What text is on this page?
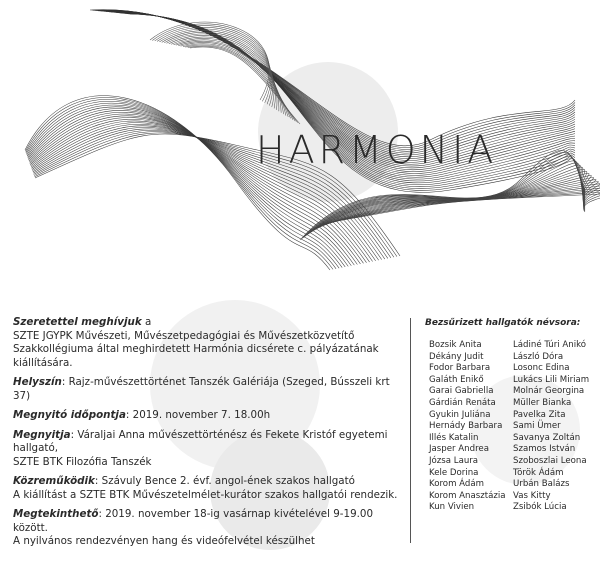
HARMONIA
Szeretettel meghívjuk a
SZTE JGYPK Művészeti, Művészetpedagógiai és Művészetközvetítő
Szakkollégiuma által meghirdetett Harmónia dicsérete c. pályázatának
kiállítására.
Helyszín: Rajz-művészettörténet Tanszék Galériája (Szeged, Bússzeli krt 37)
Megnyitó időpontja: 2019. november 7. 18.00h
Megnyitja: Váraljai Anna művészettörténész és Fekete Kristóf egyetemi hallgató,
SZTE BTK Filozófia Tanszék
Közreműködik: Szávuly Bence 2. évf. angol-ének szakos hallgató
A kiállítást a SZTE BTK Művészetelmélet-kurátor szakos hallgatói rendezik.
Megtekinthető: 2019. november 18-ig vasárnap kivételével 9-19.00 között.
A nyilvános rendezvényen hang és videófelvétel készülhet
Bezsűrizett hallgatók névsora:
Bozsik Anita
Dékány Judit
Fodor Barbara
Galáth Enikő
Garai Gabriella
Gárdián Renáta
Gyukin Juliána
Hernády Barbara
Illés Katalin
Jasper Andrea
Józsa Laura
Kele Dorina
Korom Ádám
Korom Anasztázia
Kun Vivien
Ládiné Túri Anikó
László Dóra
Losonc Edina
Lukács Lili Miriam
Molnár Georgina
Müller Bianka
Pavelka Zita
Sami Ümer
Savanya Zoltán
Szamos István
Szoboszlai Leona
Török Ádám
Urbán Balázs
Vas Kitty
Zsibók Lúcia
